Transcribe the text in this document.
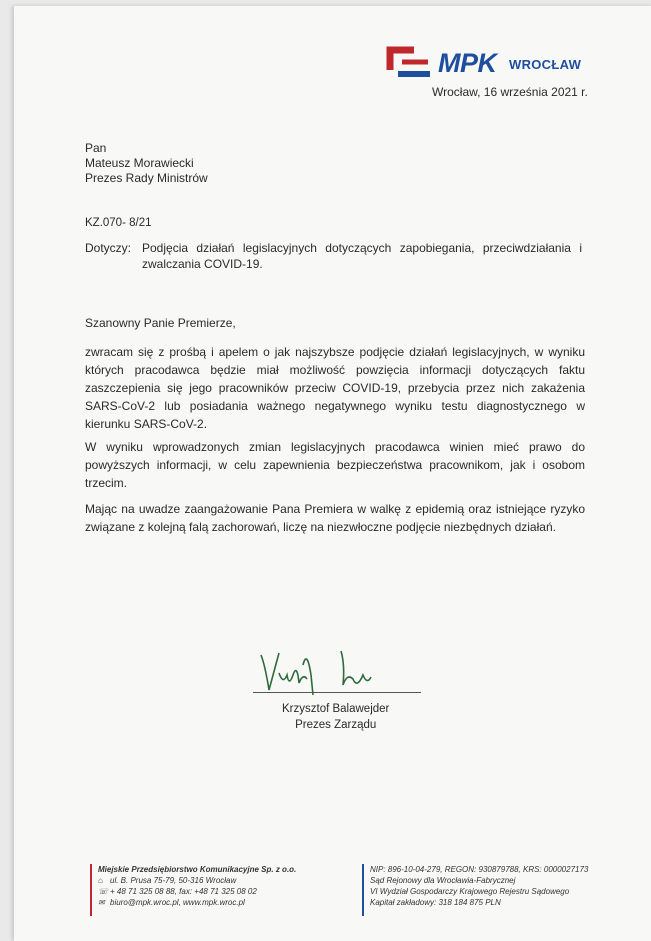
MPK WROCŁAW
Wrocław, 16 września 2021 r.
Pan
Mateusz Morawiecki
Prezes Rady Ministrów
KZ.070- 8/21
Dotyczy: Podjęcia działań legislacyjnych dotyczących zapobiegania, przeciwdziałania i zwalczania COVID-19.
Szanowny Panie Premierze,
zwracam się z prośbą i apelem o jak najszybsze podjęcie działań legislacyjnych, w wyniku których pracodawca będzie miał możliwość powzięcia informacji dotyczących faktu zaszczepienia się jego pracowników przeciw COVID-19, przebycia przez nich zakażenia SARS-CoV-2 lub posiadania ważnego negatywnego wyniku testu diagnostycznego w kierunku SARS-CoV-2.
W wyniku wprowadzonych zmian legislacyjnych pracodawca winien mieć prawo do powyższych informacji, w celu zapewnienia bezpieczeństwa pracownikom, jak i osobom trzecim.
Mając na uwadze zaangażowanie Pana Premiera w walkę z epidemią oraz istniejące ryzyko związane z kolejną falą zachorowań, liczę na niezwłoczne podjęcie niezbędnych działań.
Krzysztof Balawejder
Prezes Zarządu
Miejskie Przedsiębiorstwo Komunikacyjne Sp. z o.o.
⌂ ul. B. Prusa 75-79, 50-316 Wrocław
☏ + 48 71 325 08 88, fax: +48 71 325 08 02
✉ biuro@mpk.wroc.pl, www.mpk.wroc.pl
NIP: 896-10-04-279, REGON: 930879788, KRS: 0000027173
Sąd Rejonowy dla Wrocławia-Fabrycznej
VI Wydział Gospodarczy Krajowego Rejestru Sądowego
Kapitał zakładowy: 318 184 875 PLN
